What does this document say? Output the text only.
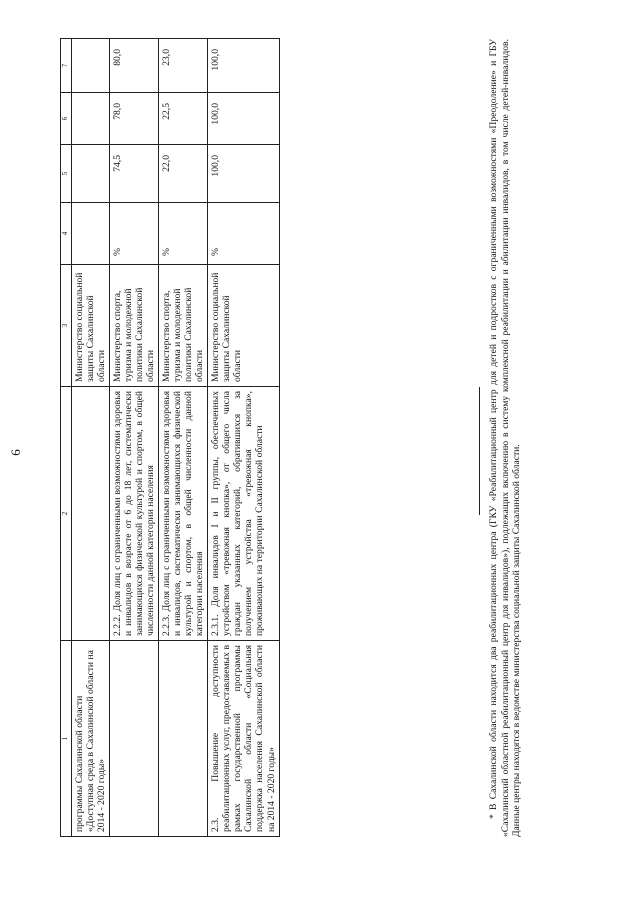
6
1	2	3	4	5	6	7
программы Сахалинской области «Доступная среда в Сахалинской области на 2014 - 2020 годы»		Министерство социальной защиты Сахалинской области				
	2.2.2. Доля лиц с ограниченными возможностями здоровья и инвалидов в возрасте от 6 до 18 лет, систематически занимающихся физической культурой и спортом, в общей численности данной категории населения	Министерство спорта, туризма и молодежной политики Сахалинской области	%	74,5	78,0	80,0
	2.2.3. Доля лиц с ограниченными возможностями здоровья и инвалидов, систематически занимающихся физической культурой и спортом, в общей численности данной категории населения	Министерство спорта, туризма и молодежной политики Сахалинской области	%	22,0	22,5	23,0
2.3. Повышение доступности реабилитационных услуг, предоставляемых в рамках государственной программы Сахалинской области «Социальная поддержка населения Сахалинской области на 2014 - 2020 годы»	2.3.1. Доля инвалидов I и II группы, обеспеченных устройством «тревожная кнопка», от общего числа граждан указанных категорий, обратившихся за получением устройства «тревожная кнопка», проживающих на территории Сахалинской области	Министерство социальной защиты Сахалинской области	%	100,0	100,0	100,0	* В Сахалинской области находится два реабилитационных центра (ГКУ «Реабилитационный центр для детей и подростков с ограниченными возможностями «Преодоление» и ГБУ «Сахалинский областной реабилитационный центр для инвалидов»), подлежащих включению в систему комплексной реабилитации и абилитации инвалидов, в том числе детей-инвалидов. Данные центры находятся в ведомстве министерства социальной защиты Сахалинской области.
